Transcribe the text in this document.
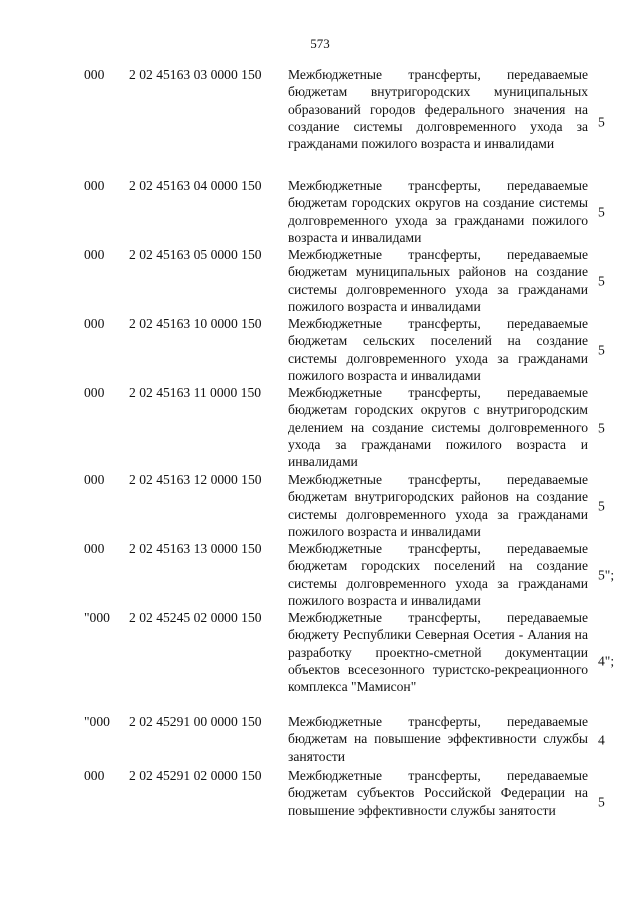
573
000 2 02 45163 03 0000 150 Межбюджетные трансферты, передаваемые бюджетам внутригородских муниципальных образований городов федерального значения на создание системы долговременного ухода за гражданами пожилого возраста и инвалидами
5
000 2 02 45163 04 0000 150 Межбюджетные трансферты, передаваемые бюджетам городских округов на создание системы долговременного ухода за гражданами пожилого возраста и инвалидами
5
000 2 02 45163 05 0000 150 Межбюджетные трансферты, передаваемые бюджетам муниципальных районов на создание системы долговременного ухода за гражданами пожилого возраста и инвалидами
5
000 2 02 45163 10 0000 150 Межбюджетные трансферты, передаваемые бюджетам сельских поселений на создание системы долговременного ухода за гражданами пожилого возраста и инвалидами
5
000 2 02 45163 11 0000 150 Межбюджетные трансферты, передаваемые бюджетам городских округов с внутригородским делением на создание системы долговременного ухода за гражданами пожилого возраста и инвалидами
5
000 2 02 45163 12 0000 150 Межбюджетные трансферты, передаваемые бюджетам внутригородских районов на создание системы долговременного ухода за гражданами пожилого возраста и инвалидами
5
000 2 02 45163 13 0000 150 Межбюджетные трансферты, передаваемые бюджетам городских поселений на создание системы долговременного ухода за гражданами пожилого возраста и инвалидами
5";
"000 2 02 45245 02 0000 150 Межбюджетные трансферты, передаваемые бюджету Республики Северная Осетия - Алания на разработку проектно-сметной документации объектов всесезонного туристско-рекреационного комплекса "Мамисон"
4";
"000 2 02 45291 00 0000 150 Межбюджетные трансферты, передаваемые бюджетам на повышение эффективности службы занятости
4
000 2 02 45291 02 0000 150 Межбюджетные трансферты, передаваемые бюджетам субъектов Российской Федерации на повышение эффективности службы занятости
5
